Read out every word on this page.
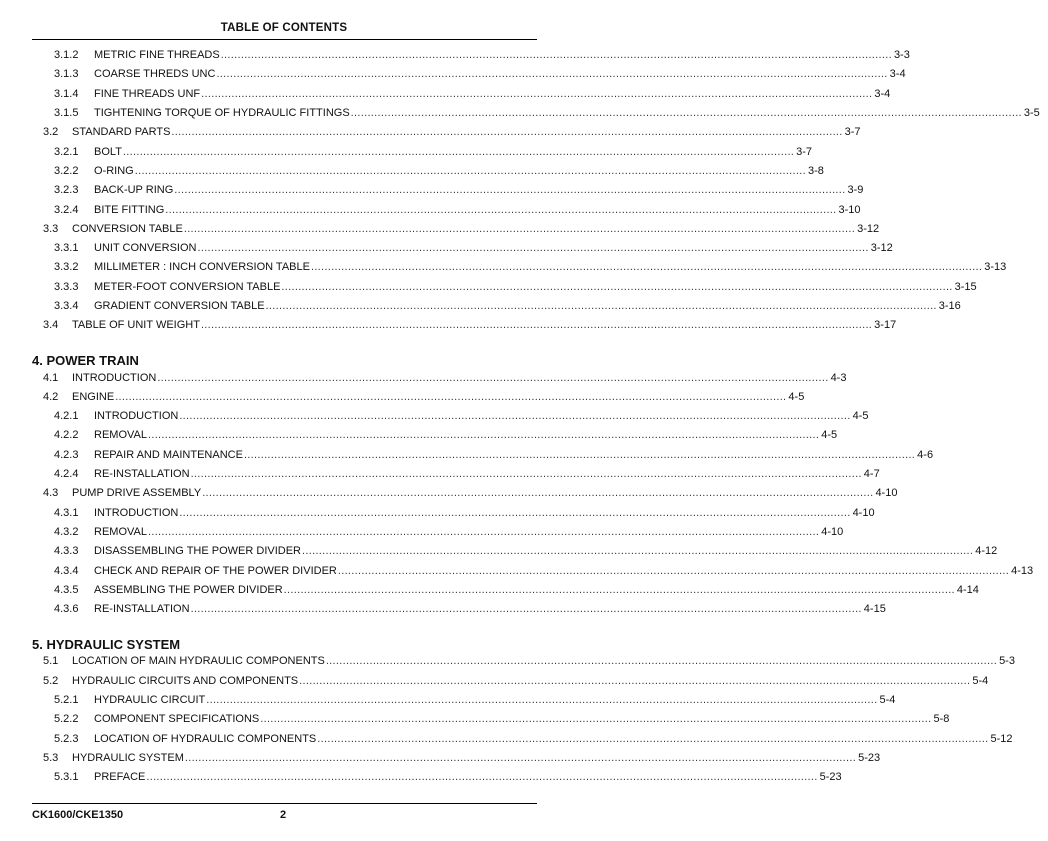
TABLE OF CONTENTS
3.1.2 METRIC FINE THREADS ........................................................................................................................................................................................................ 3-3
3.1.3 COARSE THREDS UNC ........................................................................................................................................................................................................ 3-4
3.1.4 FINE THREADS UNF ........................................................................................................................................................................................................ 3-4
3.1.5 TIGHTENING TORQUE OF HYDRAULIC FITTINGS ........................................................................................................................................................................................................ 3-5
3.2 STANDARD PARTS ........................................................................................................................................................................................................ 3-7
3.2.1 BOLT ........................................................................................................................................................................................................ 3-7
3.2.2 O-RING ........................................................................................................................................................................................................ 3-8
3.2.3 BACK-UP RING ........................................................................................................................................................................................................ 3-9
3.2.4 BITE FITTING ........................................................................................................................................................................................................ 3-10
3.3 CONVERSION TABLE ........................................................................................................................................................................................................ 3-12
3.3.1 UNIT CONVERSION ........................................................................................................................................................................................................ 3-12
3.3.2 MILLIMETER : INCH CONVERSION TABLE ........................................................................................................................................................................................................ 3-13
3.3.3 METER-FOOT CONVERSION TABLE ........................................................................................................................................................................................................ 3-15
3.3.4 GRADIENT CONVERSION TABLE ........................................................................................................................................................................................................ 3-16
3.4 TABLE OF UNIT WEIGHT ........................................................................................................................................................................................................ 3-17
4. POWER TRAIN
4.1 INTRODUCTION ........................................................................................................................................................................................................ 4-3
4.2 ENGINE ........................................................................................................................................................................................................ 4-5
4.2.1 INTRODUCTION ........................................................................................................................................................................................................ 4-5
4.2.2 REMOVAL ........................................................................................................................................................................................................ 4-5
4.2.3 REPAIR AND MAINTENANCE ........................................................................................................................................................................................................ 4-6
4.2.4 RE-INSTALLATION ........................................................................................................................................................................................................ 4-7
4.3 PUMP DRIVE ASSEMBLY ........................................................................................................................................................................................................ 4-10
4.3.1 INTRODUCTION ........................................................................................................................................................................................................ 4-10
4.3.2 REMOVAL ........................................................................................................................................................................................................ 4-10
4.3.3 DISASSEMBLING THE POWER DIVIDER ........................................................................................................................................................................................................ 4-12
4.3.4 CHECK AND REPAIR OF THE POWER DIVIDER ........................................................................................................................................................................................................ 4-13
4.3.5 ASSEMBLING THE POWER DIVIDER ........................................................................................................................................................................................................ 4-14
4.3.6 RE-INSTALLATION ........................................................................................................................................................................................................ 4-15
5. HYDRAULIC SYSTEM
5.1 LOCATION OF MAIN HYDRAULIC COMPONENTS ........................................................................................................................................................................................................ 5-3
5.2 HYDRAULIC CIRCUITS AND COMPONENTS ........................................................................................................................................................................................................ 5-4
5.2.1 HYDRAULIC CIRCUIT ........................................................................................................................................................................................................ 5-4
5.2.2 COMPONENT SPECIFICATIONS ........................................................................................................................................................................................................ 5-8
5.2.3 LOCATION OF HYDRAULIC COMPONENTS ........................................................................................................................................................................................................ 5-12
5.3 HYDRAULIC SYSTEM ........................................................................................................................................................................................................ 5-23
5.3.1 PREFACE ........................................................................................................................................................................................................ 5-23
CK1600/CKE1350	2
